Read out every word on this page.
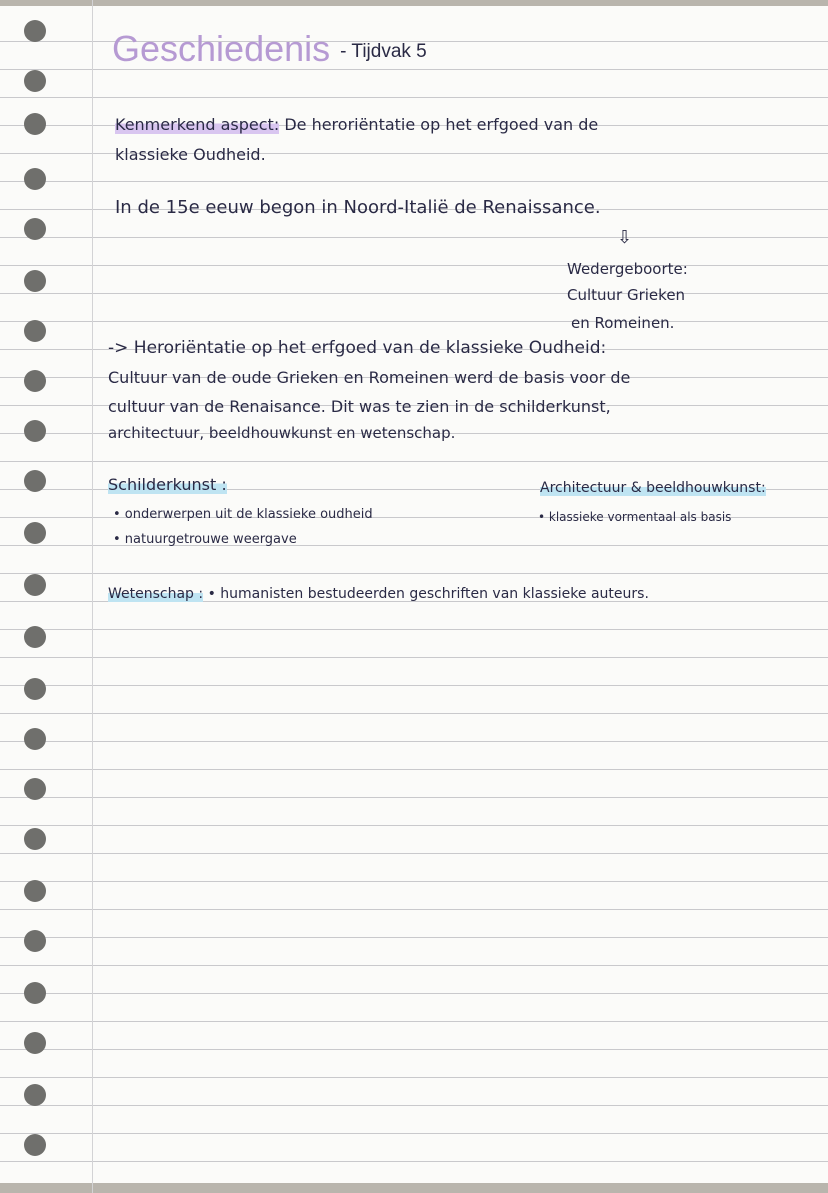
Geschiedenis - Tijdvak 5
Kenmerkend aspect: De heroriëntatie op het erfgoed van de
klassieke Oudheid.
In de 15e eeuw begon in Noord-Italië de Renaissance.
⇩
Wedergeboorte:
Cultuur Grieken
en Romeinen.
-> Heroriëntatie op het erfgoed van de klassieke Oudheid:
Cultuur van de oude Grieken en Romeinen werd de basis voor de
cultuur van de Renaisance. Dit was te zien in de schilderkunst,
architectuur, beeldhouwkunst en wetenschap.
Schilderkunst :
• onderwerpen uit de klassieke oudheid
• natuurgetrouwe weergave
Architectuur & beeldhouwkunst:
• klassieke vormentaal als basis
Wetenschap : • humanisten bestudeerden geschriften van klassieke auteurs.
